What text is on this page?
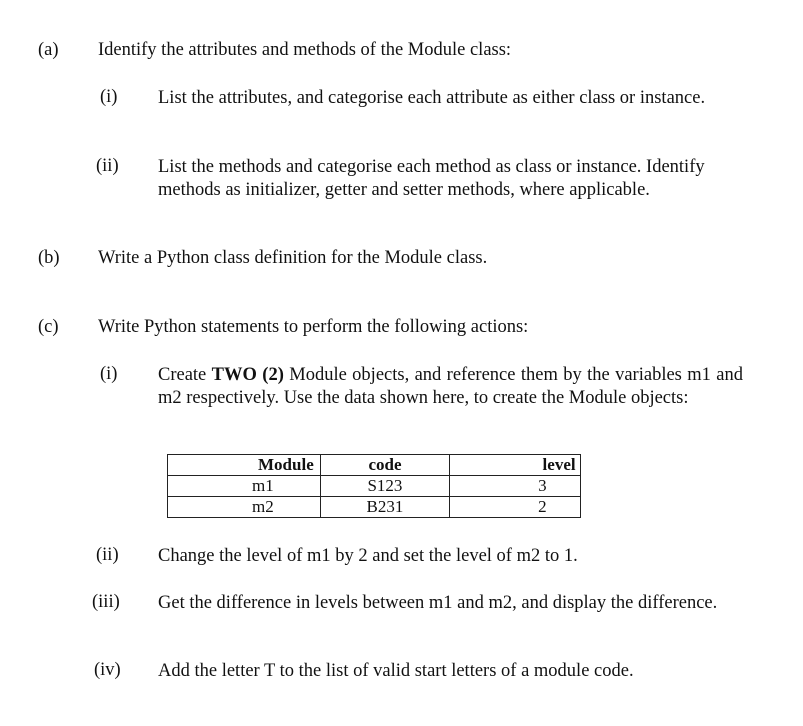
(a) Identify the attributes and methods of the Module class:
(i) List the attributes, and categorise each attribute as either class or instance.
(ii) List the methods and categorise each method as class or instance. Identify methods as initializer, getter and setter methods, where applicable.
(b) Write a Python class definition for the Module class.
(c) Write Python statements to perform the following actions:
(i) Create TWO (2) Module objects, and reference them by the variables m1 and m2 respectively. Use the data shown here, to create the Module objects:
Module	code	level
m1	S123	3
m2	B231	2
(ii) Change the level of m1 by 2 and set the level of m2 to 1.
(iii) Get the difference in levels between m1 and m2, and display the difference.
(iv) Add the letter T to the list of valid start letters of a module code.
